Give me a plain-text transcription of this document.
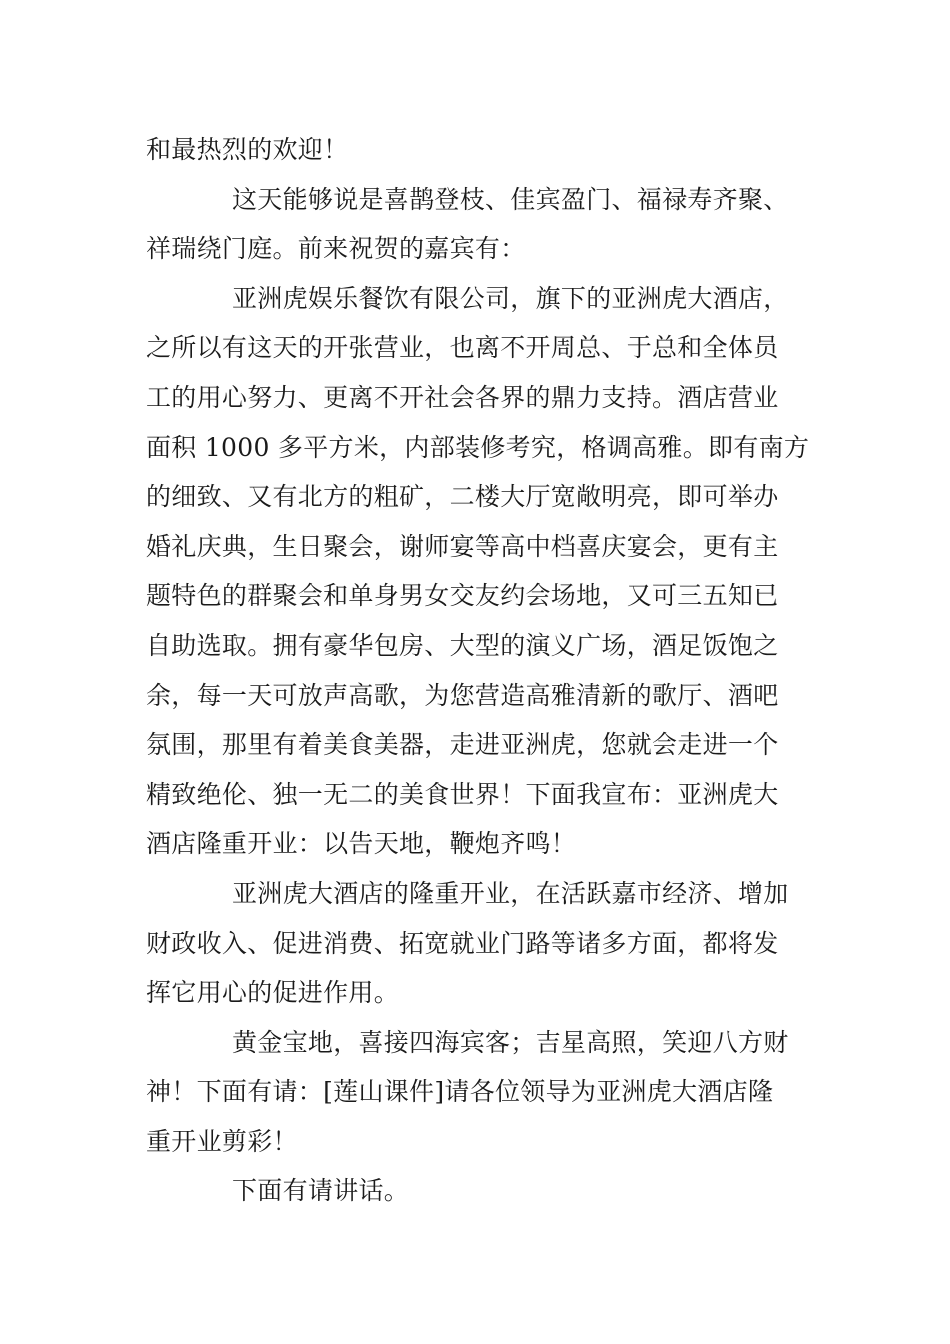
和最热烈的欢迎！
这天能够说是喜鹊登枝、佳宾盈门、福禄寿齐聚、
祥瑞绕门庭。前来祝贺的嘉宾有：
亚洲虎娱乐餐饮有限公司，旗下的亚洲虎大酒店，
之所以有这天的开张营业，也离不开周总、于总和全体员
工的用心努力、更离不开社会各界的鼎力支持。酒店营业
面积 1000 多平方米，内部装修考究，格调高雅。即有南方
的细致、又有北方的粗矿，二楼大厅宽敞明亮，即可举办
婚礼庆典，生日聚会，谢师宴等高中档喜庆宴会，更有主
题特色的群聚会和单身男女交友约会场地，又可三五知已
自助选取。拥有豪华包房、大型的演义广场，酒足饭饱之
余，每一天可放声高歌，为您营造高雅清新的歌厅、酒吧
氛围，那里有着美食美器，走进亚洲虎，您就会走进一个
精致绝伦、独一无二的美食世界！下面我宣布：亚洲虎大
酒店隆重开业：以告天地，鞭炮齐鸣！
亚洲虎大酒店的隆重开业，在活跃嘉市经济、增加
财政收入、促进消费、拓宽就业门路等诸多方面，都将发
挥它用心的促进作用。
黄金宝地，喜接四海宾客；吉星高照，笑迎八方财
神！下面有请：[莲山课件]请各位领导为亚洲虎大酒店隆
重开业剪彩！
下面有请讲话。
